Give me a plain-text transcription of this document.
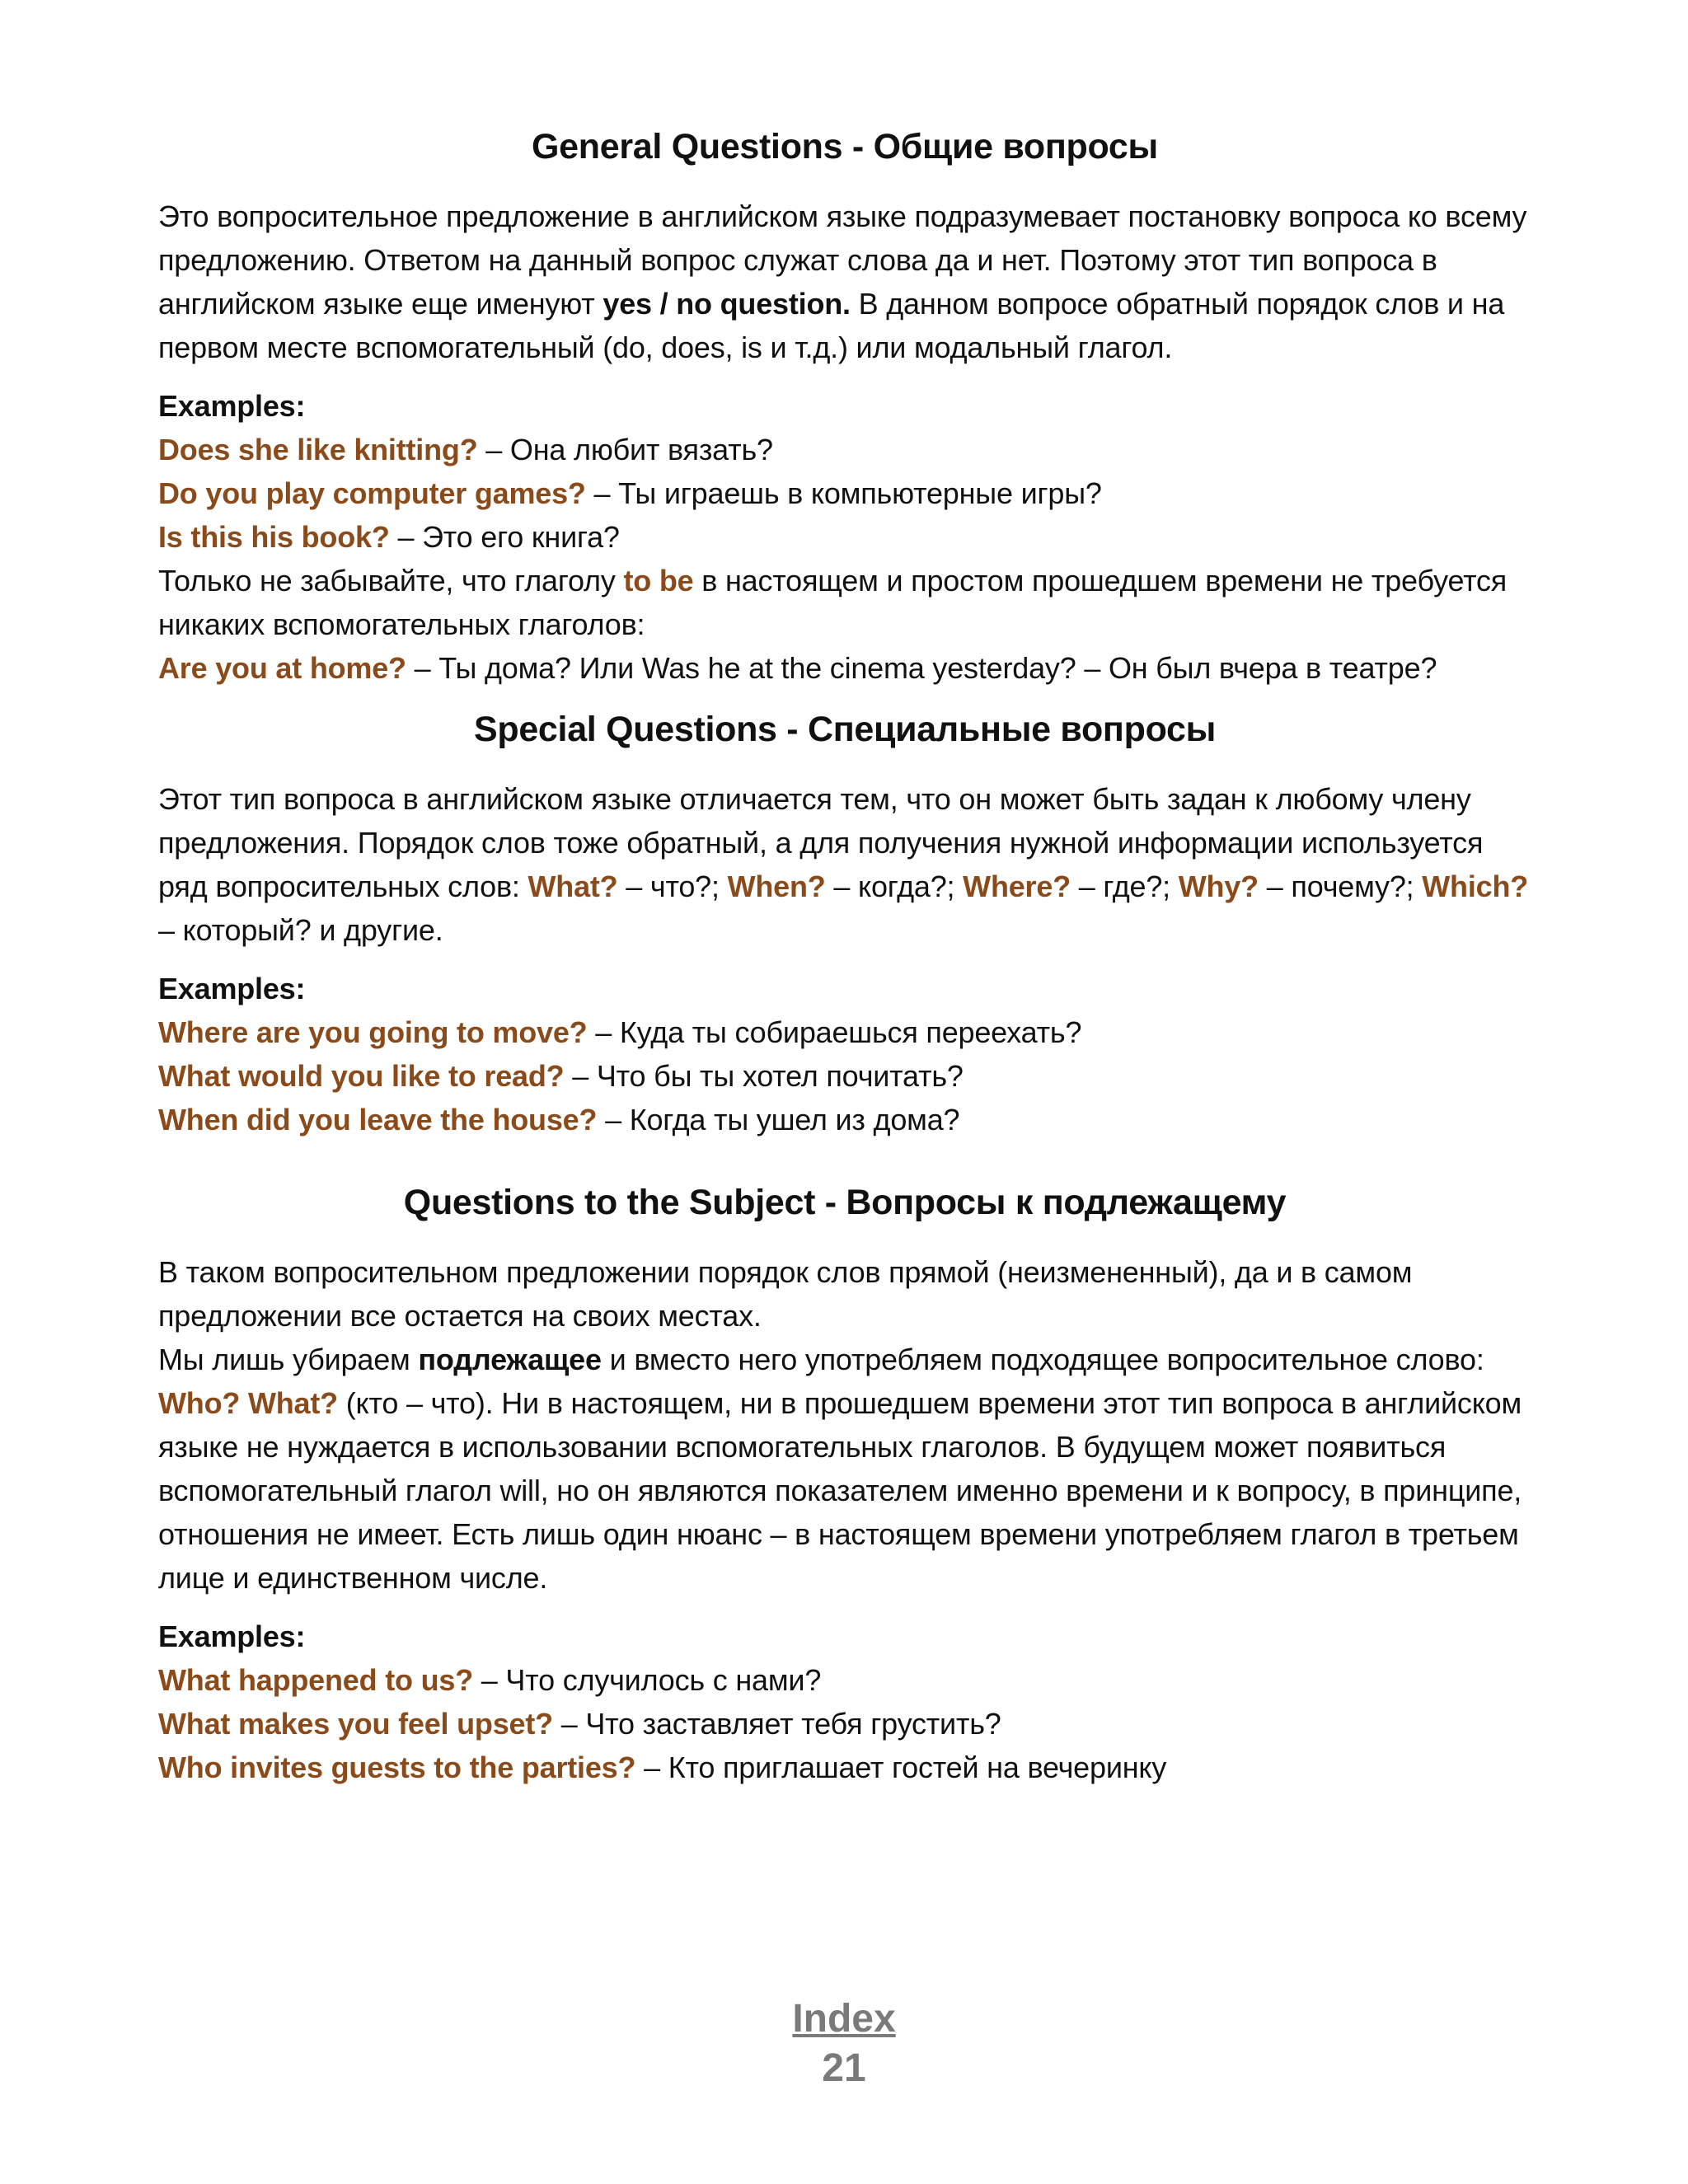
General Questions - Общие вопросы

Это вопросительное предложение в английском языке подразумевает постановку вопроса ко всему предложению. Ответом на данный вопрос служат слова да и нет. Поэтому этот тип вопроса в английском языке еще именуют yes / no question. В данном вопросе обратный порядок слов и на первом месте вспомогательный (do, does, is и т.д.) или модальный глагол.

Examples:

Does she like knitting? – Она любит вязать?

Do you play computer games? – Ты играешь в компьютерные игры?

Is this his book? – Это его книга?

Только не забывайте, что глаголу to be в настоящем и простом прошедшем времени не требуется никаких вспомогательных глаголов:

Are you at home? – Ты дома? Или Was he at the cinema yesterday? – Он был вчера в театре?

Special Questions - Специальные вопросы

Этот тип вопроса в английском языке отличается тем, что он может быть задан к любому члену предложения. Порядок слов тоже обратный, а для получения нужной информации используется ряд вопросительных слов: What? – что?; When? – когда?; Where? – где?; Why? – почему?; Which? – который? и другие.

Examples:

Where are you going to move? – Куда ты собираешься переехать?

What would you like to read? – Что бы ты хотел почитать?

When did you leave the house? – Когда ты ушел из дома?

Questions to the Subject - Вопросы к подлежащему

В таком вопросительном предложении порядок слов прямой (неизмененный), да и в самом предложении все остается на своих местах.

Мы лишь убираем подлежащее и вместо него употребляем подходящее вопросительное слово: Who? What? (кто – что). Ни в настоящем, ни в прошедшем времени этот тип вопроса в английском языке не нуждается в использовании вспомогательных глаголов. В будущем может появиться вспомогательный глагол will, но он являются показателем именно времени и к вопросу, в принципе, отношения не имеет. Есть лишь один нюанс – в настоящем времени употребляем глагол в третьем лице и единственном числе.

Examples:

What happened to us? – Что случилось с нами?

What makes you feel upset? – Что заставляет тебя грустить?

Who invites guests to the parties? – Кто приглашает гостей на вечеринку

Index
21
